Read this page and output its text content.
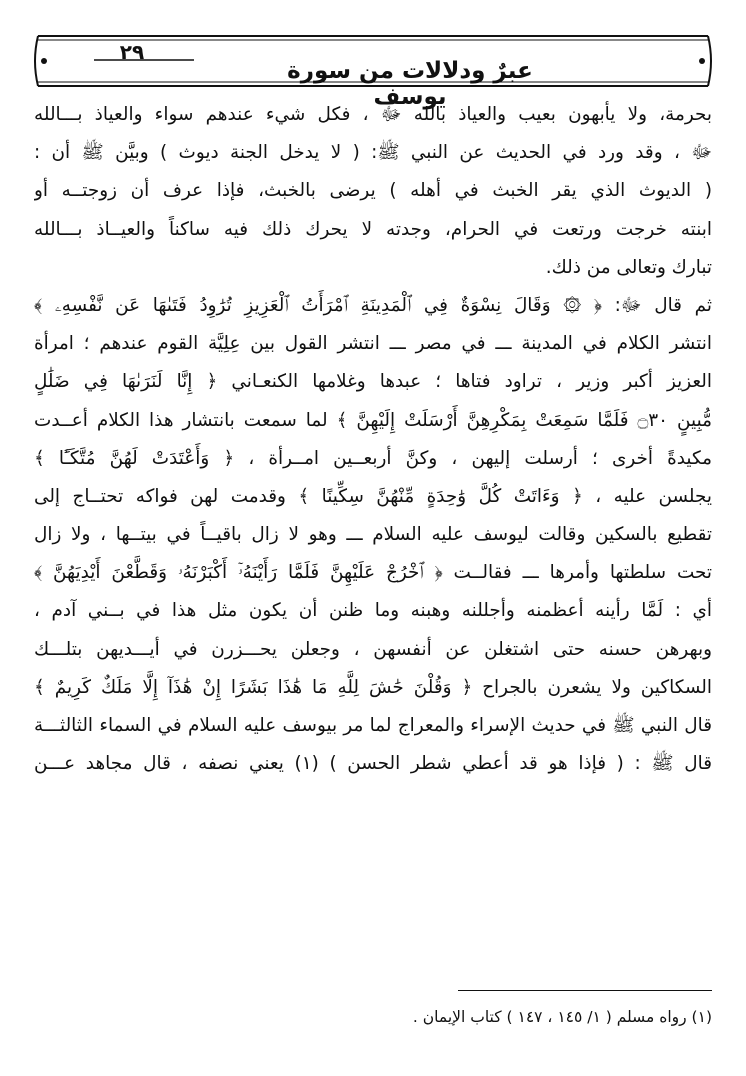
٢٩
عبرٌ ودلالات من سورة يوسف
بحرمة، ولا يأبهون بعيب والعياذ بالله ﷻ ، فكل شيء عندهم سواء والعياذ بـــالله
ﷻ ، وقد ورد في الحديث عن النبي ﷺ: ( لا يدخل الجنة ديوث ) وبيَّن ﷺ أن :
( الديوث الذي يقر الخبث في أهله ) يرضى بالخبث، فإذا عرف أن زوجتــه أو
ابنته خرجت ورتعت في الحرام، وجدته لا يحرك ذلك فيه ساكناً والعيــاذ بـــالله
تبارك وتعالى من ذلك.
ثم قال ﷻ: ﴿ ۞ وَقَالَ نِسْوَةٌ فِي ٱلْمَدِينَةِ ٱمْرَأَتُ ٱلْعَزِيزِ تُرَٰوِدُ فَتَىٰهَا عَن نَّفْسِهِۦ ﴾
انتشر الكلام في المدينة ـــ في مصر ـــ انتشر القول بين عِلِيَّة القوم عندهم ؛ امرأة
العزيز أكبر وزير ، تراود فتاها ؛ عبدها وغلامها الكنعـاني ﴿ إِنَّا لَنَرَىٰهَا فِي ضَلَٰلٍ
مُّبِينٍ ۝٣٠ فَلَمَّا سَمِعَتْ بِمَكْرِهِنَّ أَرْسَلَتْ إِلَيْهِنَّ ﴾ لما سمعت بانتشار هذا الكلام أعــدت
مكيدةً أخرى ؛ أرسلت إليهن ، وكنَّ أربعــين امــرأة ، ﴿ وَأَعْتَدَتْ لَهُنَّ مُتَّكَـًٔا ﴾
يجلسن عليه ، ﴿ وَءَاتَتْ كُلَّ وَٰحِدَةٍ مِّنْهُنَّ سِكِّينًا ﴾ وقدمت لهن فواكه تحتــاج إلى
تقطيع بالسكين وقالت ليوسف عليه السلام ـــ وهو لا زال باقيــاً في بيتــها ، ولا زال
تحت سلطتها وأمرها ـــ فقالــت ﴿ ٱخْرُجْ عَلَيْهِنَّ فَلَمَّا رَأَيْنَهُۥٓ أَكْبَرْنَهُۥ وَقَطَّعْنَ أَيْدِيَهُنَّ ﴾
أي : لَمَّا رأينه أعظمنه وأجللنه وهبنه وما ظنن أن يكون مثل هذا في بــني آدم ،
وبهرهن حسنه حتى اشتغلن عن أنفسهن ، وجعلن يحـــزرن في أيـــديهن بتلـــك
السكاكين ولا يشعرن بالجراح ﴿ وَقُلْنَ حَٰشَ لِلَّهِ مَا هَٰذَا بَشَرًا إِنْ هَٰذَآ إِلَّا مَلَكٌ كَرِيمٌ ﴾
قال النبي ﷺ في حديث الإسراء والمعراج لما مر بيوسف عليه السلام في السماء الثالثـــة
قال ﷺ : ( فإذا هو قد أعطي شطر الحسن ) (١) يعني نصفه ، قال مجاهد عـــن
(١) رواه مسلم ( ١/ ١٤٥ ، ١٤٧ ) كتاب الإيمان .
